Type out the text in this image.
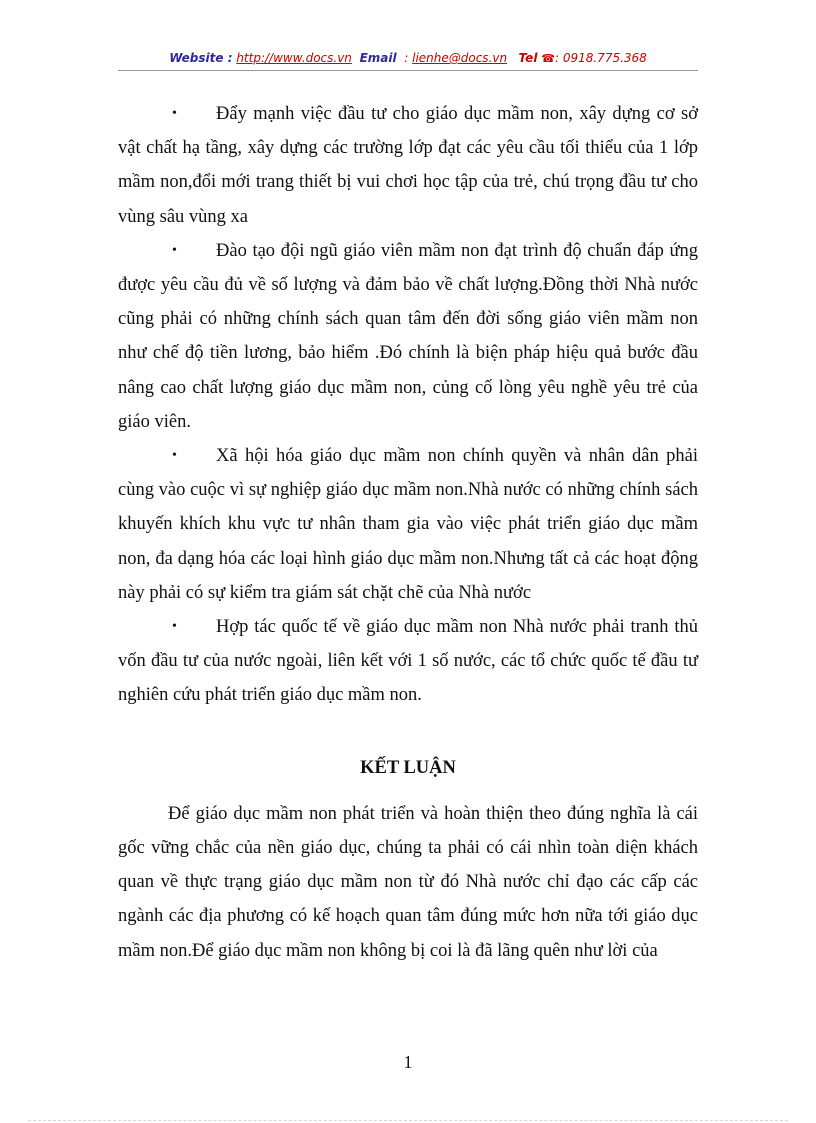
Website : http://www.docs.vn Email : lienhe@docs.vn Tel ☎: 0918.775.368

• Đẩy mạnh việc đầu tư cho giáo dục mầm non, xây dựng cơ sở vật chất hạ tầng, xây dựng các trường lớp đạt các yêu cầu tối thiểu của 1 lớp mầm non,đổi mới trang thiết bị vui chơi học tập của trẻ, chú trọng đầu tư cho vùng sâu vùng xa

• Đào tạo đội ngũ giáo viên mầm non đạt trình độ chuẩn đáp ứng được yêu cầu đủ về số lượng và đảm bảo về chất lượng.Đồng thời Nhà nước cũng phải có những chính sách quan tâm đến đời sống giáo viên mầm non như chế độ tiền lương, bảo hiểm .Đó chính là biện pháp hiệu quả bước đầu nâng cao chất lượng giáo dục mầm non, củng cố lòng yêu nghề yêu trẻ của giáo viên.

• Xã hội hóa giáo dục mầm non chính quyền và nhân dân phải cùng vào cuộc vì sự nghiệp giáo dục mầm non.Nhà nước có những chính sách khuyến khích khu vực tư nhân tham gia vào việc phát triển giáo dục mầm non, đa dạng hóa các loại hình giáo dục mầm non.Nhưng tất cả các hoạt động này phải có sự kiểm tra giám sát chặt chẽ của Nhà nước

• Hợp tác quốc tế về giáo dục mầm non Nhà nước phải tranh thủ vốn đầu tư của nước ngoài, liên kết với 1 số nước, các tổ chức quốc tế đầu tư nghiên cứu phát triển giáo dục mầm non.

KẾT LUẬN

Để giáo dục mầm non phát triển và hoàn thiện theo đúng nghĩa là cái gốc vững chắc của nền giáo dục, chúng ta phải có cái nhìn toàn diện khách quan về thực trạng giáo dục mầm non từ đó Nhà nước chỉ đạo các cấp các ngành các địa phương có kế hoạch quan tâm đúng mức hơn nữa tới giáo dục mầm non.Để giáo dục mầm non không bị coi là đã lãng quên như lời của

1
